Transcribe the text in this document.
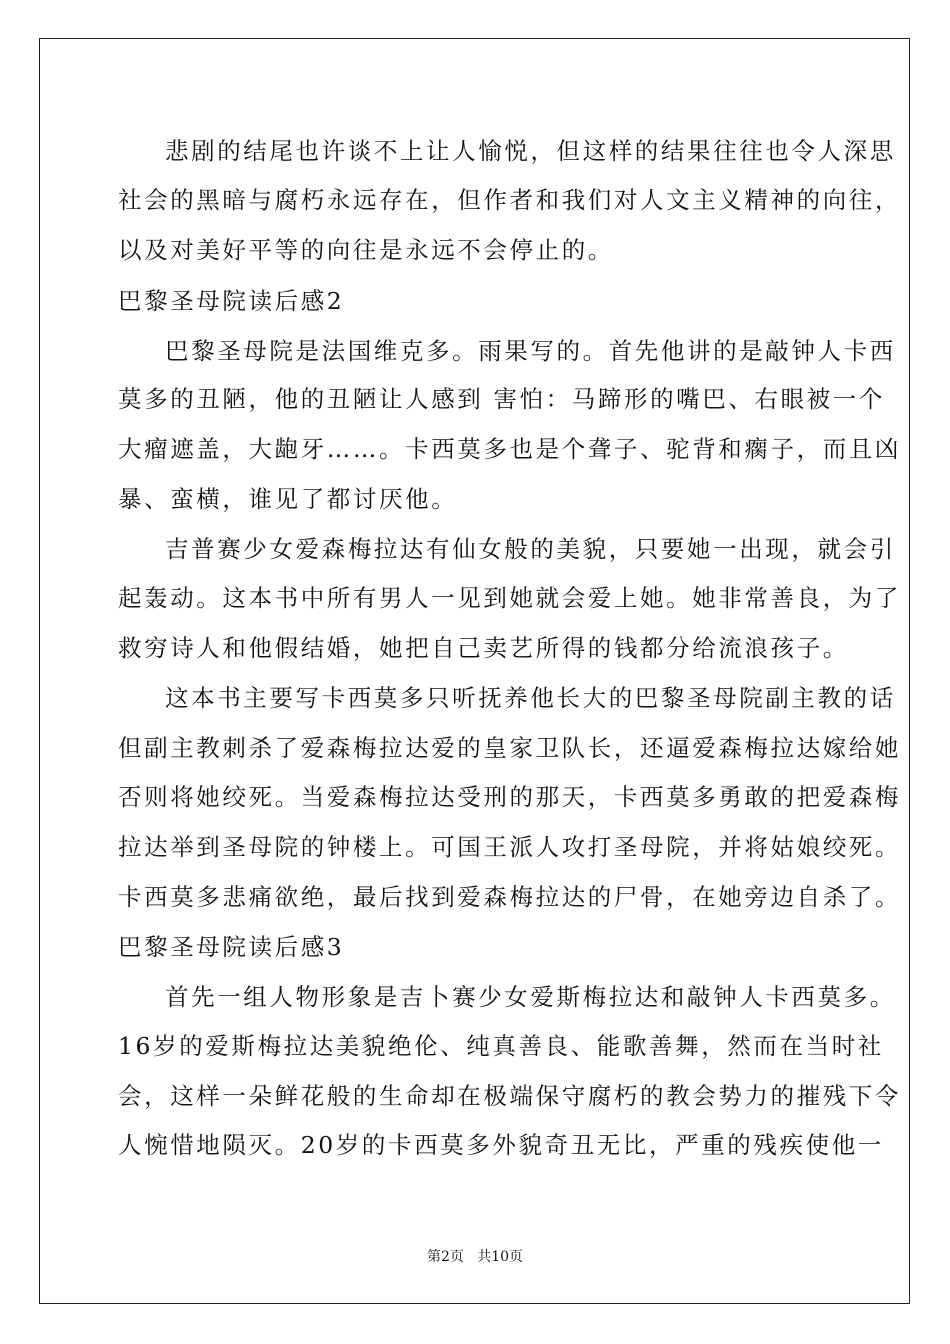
悲剧的结尾也许谈不上让人愉悦，但这样的结果往往也令人深思
社会的黑暗与腐朽永远存在，但作者和我们对人文主义精神的向往，
以及对美好平等的向往是永远不会停止的。
巴黎圣母院读后感2
巴黎圣母院是法国维克多。雨果写的。首先他讲的是敲钟人卡西
莫多的丑陋，他的丑陋让人感到 害怕：马蹄形的嘴巴、右眼被一个
大瘤遮盖，大龅牙……。卡西莫多也是个聋子、驼背和瘸子，而且凶
暴、蛮横，谁见了都讨厌他。
吉普赛少女爱森梅拉达有仙女般的美貌，只要她一出现，就会引
起轰动。这本书中所有男人一见到她就会爱上她。她非常善良，为了
救穷诗人和他假结婚，她把自己卖艺所得的钱都分给流浪孩子。
这本书主要写卡西莫多只听抚养他长大的巴黎圣母院副主教的话
但副主教刺杀了爱森梅拉达爱的皇家卫队长，还逼爱森梅拉达嫁给她
否则将她绞死。当爱森梅拉达受刑的那天，卡西莫多勇敢的把爱森梅
拉达举到圣母院的钟楼上。可国王派人攻打圣母院，并将姑娘绞死。
卡西莫多悲痛欲绝，最后找到爱森梅拉达的尸骨，在她旁边自杀了。
巴黎圣母院读后感3
首先一组人物形象是吉卜赛少女爱斯梅拉达和敲钟人卡西莫多。
16岁的爱斯梅拉达美貌绝伦、纯真善良、能歌善舞，然而在当时社
会，这样一朵鲜花般的生命却在极端保守腐朽的教会势力的摧残下令
人惋惜地陨灭。20岁的卡西莫多外貌奇丑无比，严重的残疾使他一
第2页   共10页
